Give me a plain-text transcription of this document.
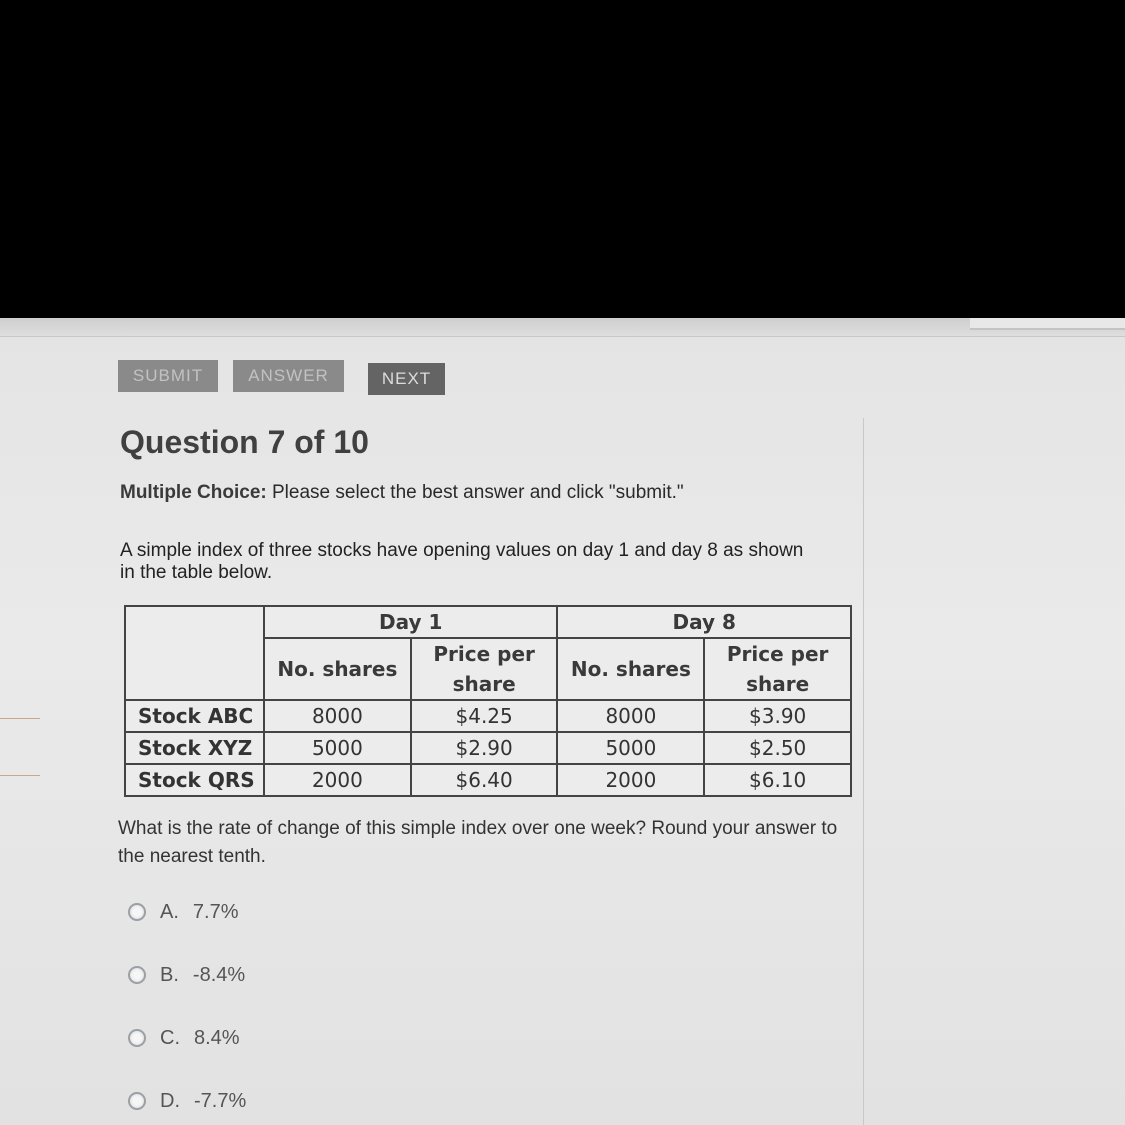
SUBMIT	ANSWER	NEXT
Question 7 of 10

Multiple Choice: Please select the best answer and click "submit."

A simple index of three stocks have opening values on day 1 and day 8 as shown in the table below.

	Day 1		Day 8	
	No. shares	Price per share	No. shares	Price per share
Stock ABC	8000	$4.25	8000	$3.90
Stock XYZ	5000	$2.90	5000	$2.50
Stock QRS	2000	$6.40	2000	$6.10

What is the rate of change of this simple index over one week? Round your answer to the nearest tenth.

A. 7.7%
B. -8.4%
C. 8.4%
D. -7.7%
